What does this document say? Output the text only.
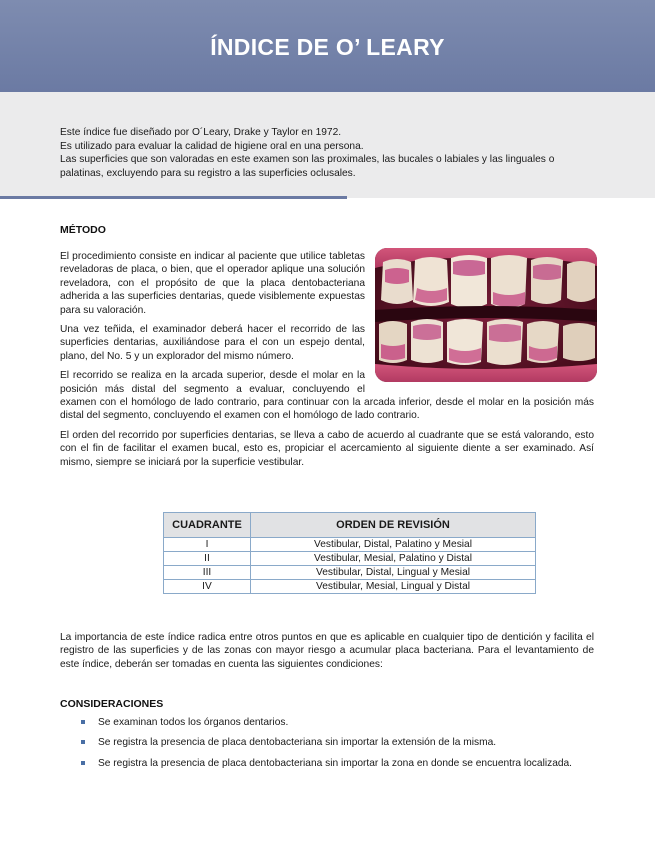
ÍNDICE DE O’ LEARY

Este índice fue diseñado por O´Leary, Drake y Taylor en 1972.

Es utilizado para evaluar la calidad de higiene oral en una persona.

Las superficies que son valoradas en este examen son las proximales, las bucales o labiales y las linguales o palatinas, excluyendo para su registro a las superficies oclusales.

MÉTODO

El procedimiento consiste en indicar al paciente que utilice tabletas reveladoras de placa, o bien, que el operador aplique una solución reveladora, con el propósito de que la placa dentobacteriana adherida a las superficies dentarias, quede visiblemente expuestas para su valoración.

Una vez teñida, el examinador deberá hacer el recorrido de las superficies dentarias, auxiliándose para el con un espejo dental, plano, del No. 5 y un explorador del mismo número.

El recorrido se realiza en la arcada superior, desde el molar en la posición más distal del segmento a evaluar, concluyendo el examen con el homólogo de lado contrario, para continuar con la arcada inferior, desde el molar en la posición más distal del segmento, concluyendo el examen con el homólogo de lado contrario.

El orden del recorrido por superficies dentarias, se lleva a cabo de acuerdo al cuadrante que se está valorando, esto con el fin de facilitar el examen bucal, esto es, propiciar el acercamiento al siguiente diente a ser examinado. Así mismo, siempre se iniciará por la superficie vestibular.

CUADRANTE	ORDEN DE REVISIÓN
I	Vestibular, Distal, Palatino y Mesial
II	Vestibular, Mesial, Palatino y Distal
III	Vestibular, Distal, Lingual y Mesial
IV	Vestibular, Mesial, Lingual y Distal

La importancia de este índice radica entre otros puntos en que es aplicable en cualquier tipo de dentición y facilita el registro de las superficies y de las zonas con mayor riesgo a acumular placa bacteriana. Para el levantamiento de este índice, deberán ser tomadas en cuenta las siguientes condiciones:

CONSIDERACIONES
Se examinan todos los órganos dentarios.
Se registra la presencia de placa dentobacteriana sin importar la extensión de la misma.
Se registra la presencia de placa dentobacteriana sin importar la zona en donde se encuentra localizada.
